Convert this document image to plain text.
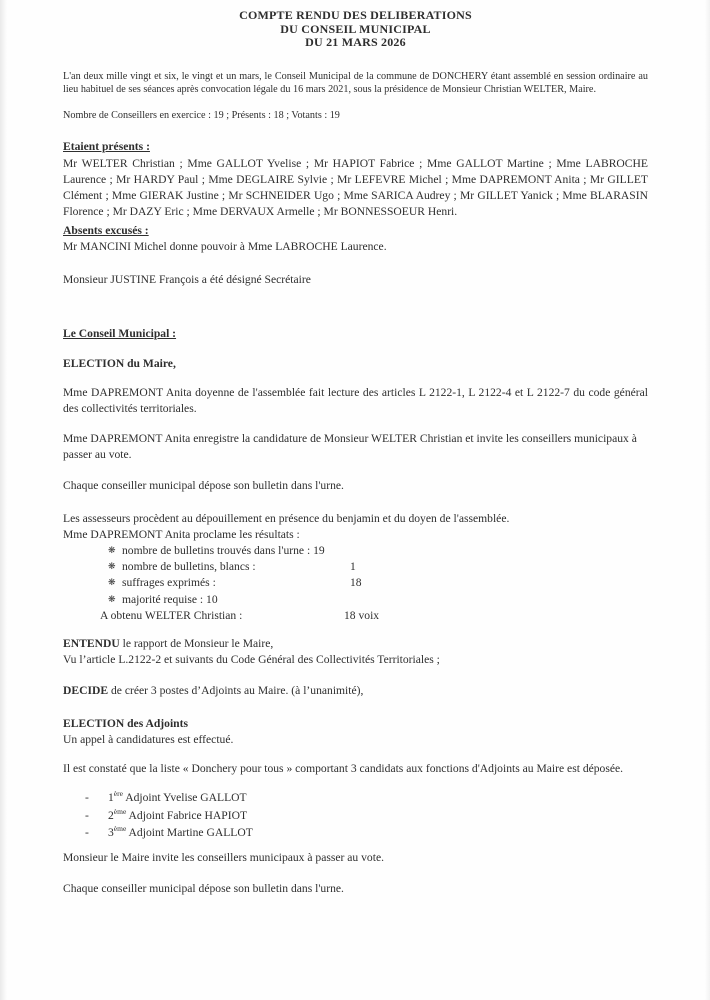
COMPTE RENDU DES DELIBERATIONS
DU CONSEIL MUNICIPAL
DU 21 MARS 2026

L'an deux mille vingt et six, le vingt et un mars, le Conseil Municipal de la commune de DONCHERY étant assemblé en session ordinaire au lieu habituel de ses séances après convocation légale du 16 mars 2021, sous la présidence de Monsieur Christian WELTER, Maire.

Nombre de Conseillers en exercice : 19 ; Présents : 18 ; Votants : 19

Etaient présents :

Mr WELTER Christian ; Mme GALLOT Yvelise ; Mr HAPIOT Fabrice ; Mme GALLOT Martine ; Mme LABROCHE Laurence ; Mr HARDY Paul ; Mme DEGLAIRE Sylvie ; Mr LEFEVRE Michel ; Mme DAPREMONT Anita ; Mr GILLET Clément ; Mme GIERAK Justine ; Mr SCHNEIDER Ugo ; Mme SARICA Audrey ; Mr GILLET Yanick ; Mme BLARASIN Florence ; Mr DAZY Eric ; Mme DERVAUX Armelle ; Mr BONNESSOEUR Henri.

Absents excusés :

Mr MANCINI Michel donne pouvoir à Mme LABROCHE Laurence.

Monsieur JUSTINE François a été désigné Secrétaire

Le Conseil Municipal :
ELECTION du Maire,

Mme DAPREMONT Anita doyenne de l'assemblée fait lecture des articles L 2122-1, L 2122-4 et L 2122-7 du code général des collectivités territoriales.

Mme DAPREMONT Anita enregistre la candidature de Monsieur WELTER Christian et invite les conseillers municipaux à passer au vote.

Chaque conseiller municipal dépose son bulletin dans l'urne.

Les assesseurs procèdent au dépouillement en présence du benjamin et du doyen de l'assemblée.

Mme DAPREMONT Anita proclame les résultats :

❋ nombre de bulletins trouvés dans l'urne : 19
❋ nombre de bulletins, blancs :	1
❋ suffrages exprimés :	18
❋ majorité requise : 10
A obtenu WELTER Christian :	18 voix

ENTENDU le rapport de Monsieur le Maire,

Vu l’article L.2122-2 et suivants du Code Général des Collectivités Territoriales ;

DECIDE de créer 3 postes d’Adjoints au Maire. (à l’unanimité),

ELECTION des Adjoints

Un appel à candidatures est effectué.

Il est constaté que la liste « Donchery pour tous » comportant 3 candidats aux fonctions d'Adjoints au Maire est déposée.

- 1ère Adjoint Yvelise GALLOT
- 2ème Adjoint Fabrice HAPIOT
- 3ème Adjoint Martine GALLOT

Monsieur le Maire invite les conseillers municipaux à passer au vote.

Chaque conseiller municipal dépose son bulletin dans l'urne.
